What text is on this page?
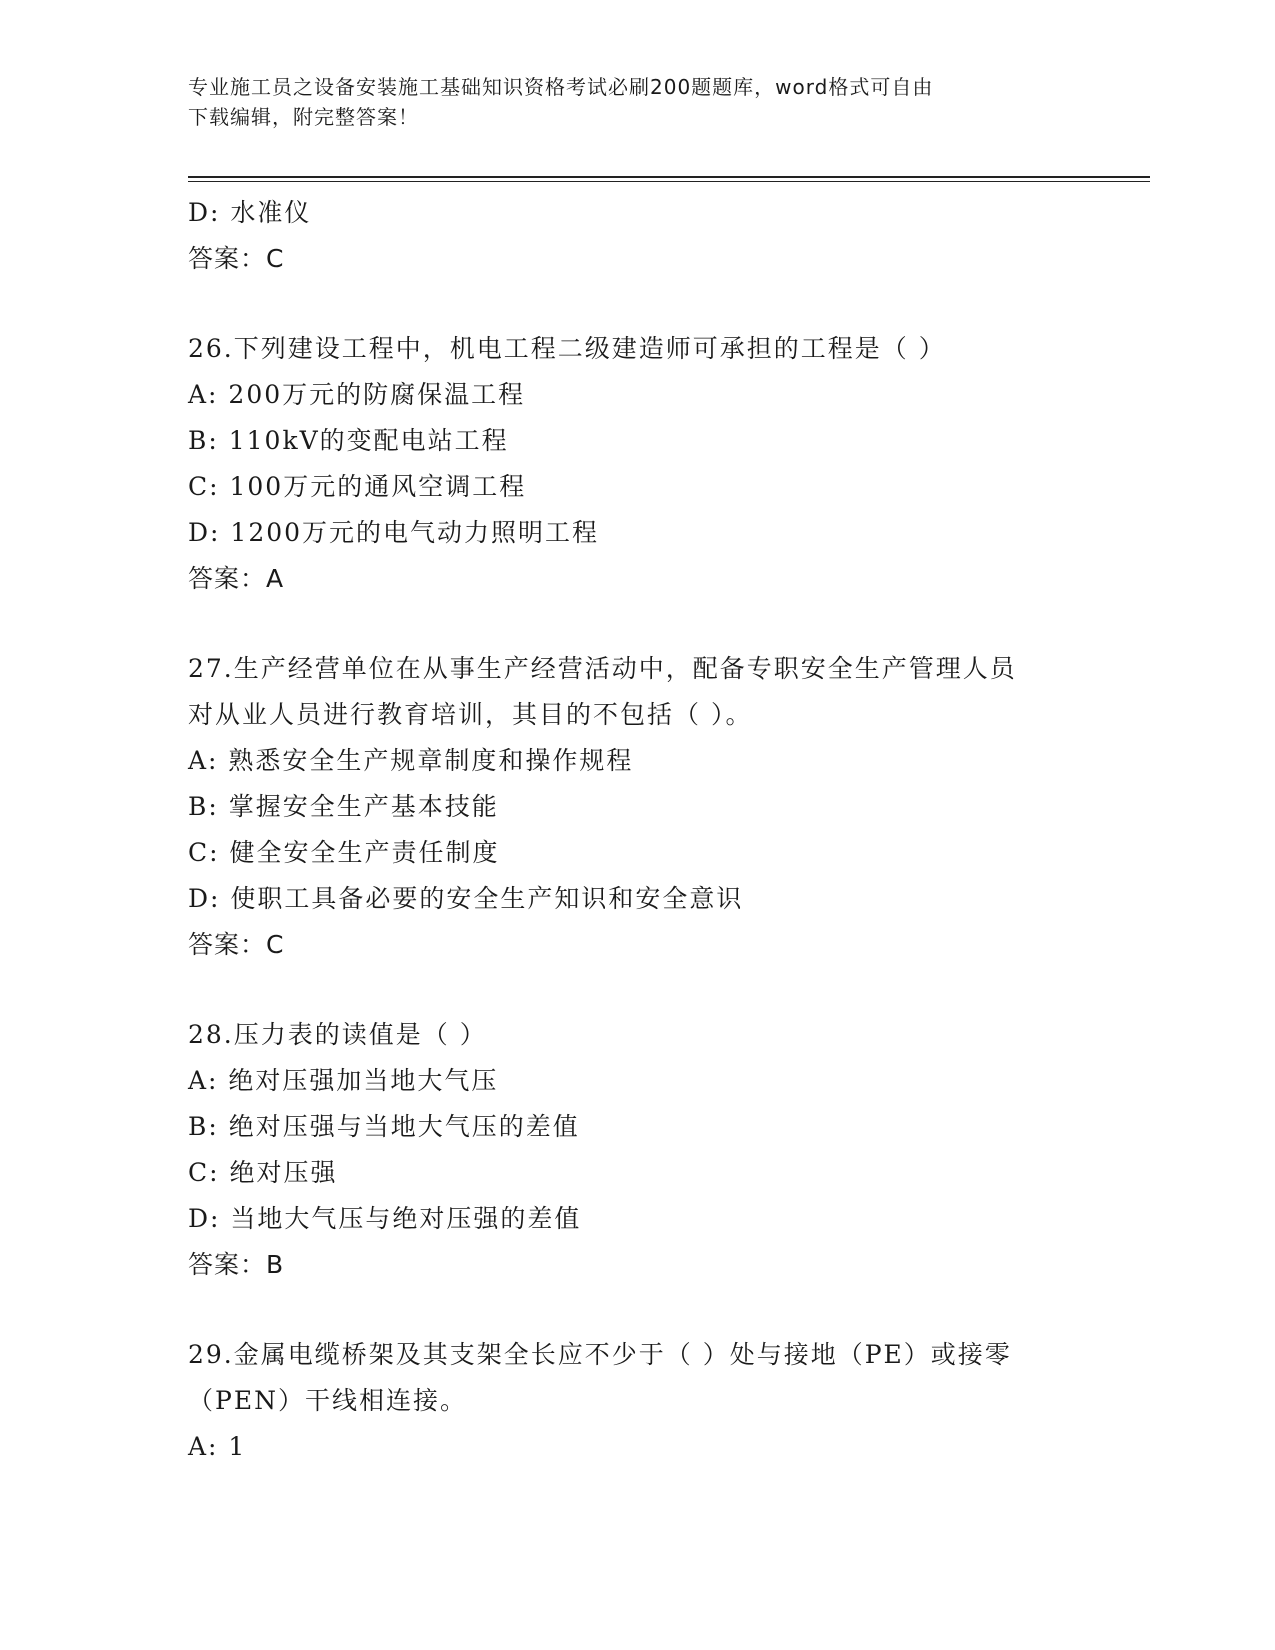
专业施工员之设备安装施工基础知识资格考试必刷200题题库，word格式可自由
下载编辑，附完整答案！
D: 水准仪
答案：C
26.下列建设工程中，机电工程二级建造师可承担的工程是（ ）
A: 200万元的防腐保温工程
B: 110kV的变配电站工程
C: 100万元的通风空调工程
D: 1200万元的电气动力照明工程
答案：A
27.生产经营单位在从事生产经营活动中，配备专职安全生产管理人员
对从业人员进行教育培训，其目的不包括（ ）。
A: 熟悉安全生产规章制度和操作规程
B: 掌握安全生产基本技能
C: 健全安全生产责任制度
D: 使职工具备必要的安全生产知识和安全意识
答案：C
28.压力表的读值是（ ）
A: 绝对压强加当地大气压
B: 绝对压强与当地大气压的差值
C: 绝对压强
D: 当地大气压与绝对压强的差值
答案：B
29.金属电缆桥架及其支架全长应不少于（ ）处与接地（PE）或接零
（PEN）干线相连接。
A: 1
